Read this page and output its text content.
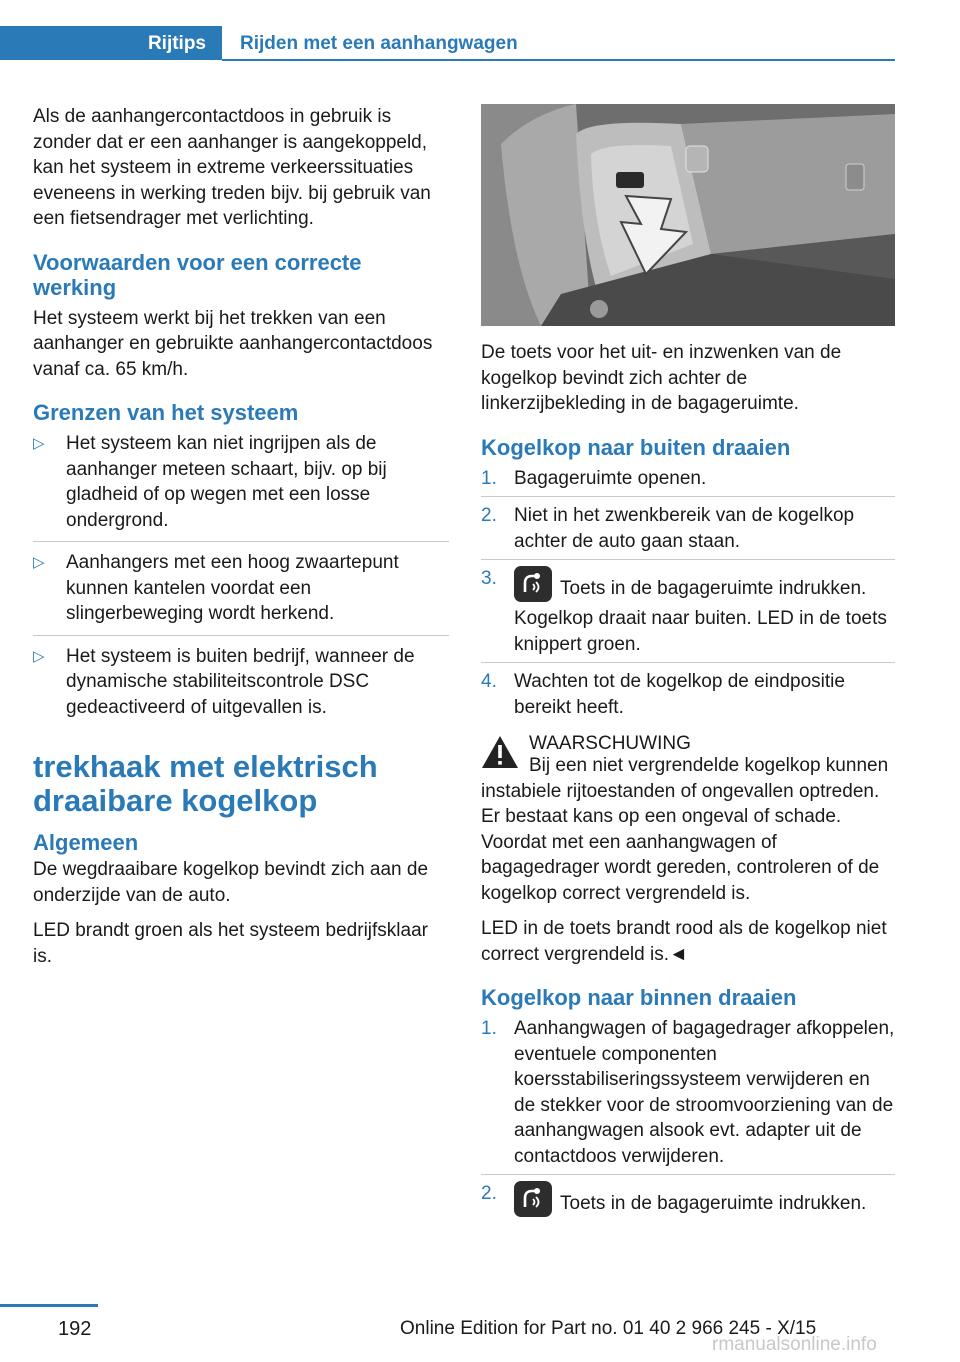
Rijtips Rijden met een aanhangwagen

Als de aanhangercontactdoos in gebruik is zonder dat er een aanhanger is aangekoppeld, kan het systeem in extreme verkeerssituaties eveneens in werking treden bijv. bij gebruik van een fietsendrager met verlichting.

Voorwaarden voor een correcte werking

Het systeem werkt bij het trekken van een aanhanger en gebruikte aanhangercontactdoos vanaf ca. 65 km/h.

Grenzen van het systeem
▷ Het systeem kan niet ingrijpen als de aanhanger meteen schaart, bijv. op bij gladheid of op wegen met een losse ondergrond.
▷ Aanhangers met een hoog zwaartepunt kunnen kantelen voordat een slingerbeweging wordt herkend.
▷ Het systeem is buiten bedrijf, wanneer de dynamische stabiliteitscontrole DSC gedeactiveerd of uitgevallen is.
trekhaak met elektrisch draaibare kogelkop
Algemeen

De wegdraaibare kogelkop bevindt zich aan de onderzijde van de auto.

LED brandt groen als het systeem bedrijfsklaar is.

De toets voor het uit- en inzwenken van de kogelkop bevindt zich achter de linkerzijbekleding in de bagageruimte.

Kogelkop naar buiten draaien
1. Bagageruimte openen.
2. Niet in het zwenkbereik van de kogelkop achter de auto gaan staan.
3.	Toets in de bagageruimte indrukken.
Kogelkop draait naar buiten. LED in de toets knippert groen.
4. Wachten tot de kogelkop de eindpositie bereikt heeft.
WAARSCHUWING

Bij een niet vergrendelde kogelkop kunnen instabiele rijtoestanden of ongevallen optreden. Er bestaat kans op een ongeval of schade. Voordat met een aanhangwagen of bagagedrager wordt gereden, controleren of de kogelkop correct vergrendeld is.

LED in de toets brandt rood als de kogelkop niet correct vergrendeld is.◄

Kogelkop naar binnen draaien
1. Aanhangwagen of bagagedrager afkoppelen, eventuele componenten koersstabiliseringssysteem verwijderen en de stekker voor de stroomvoorziening van de aanhangwagen alsook evt. adapter uit de contactdoos verwijderen.
2.	Toets in de bagageruimte indrukken.
192	Online Edition for Part no. 01 40 2 966 245 - X/15
rmanualsonline.info
